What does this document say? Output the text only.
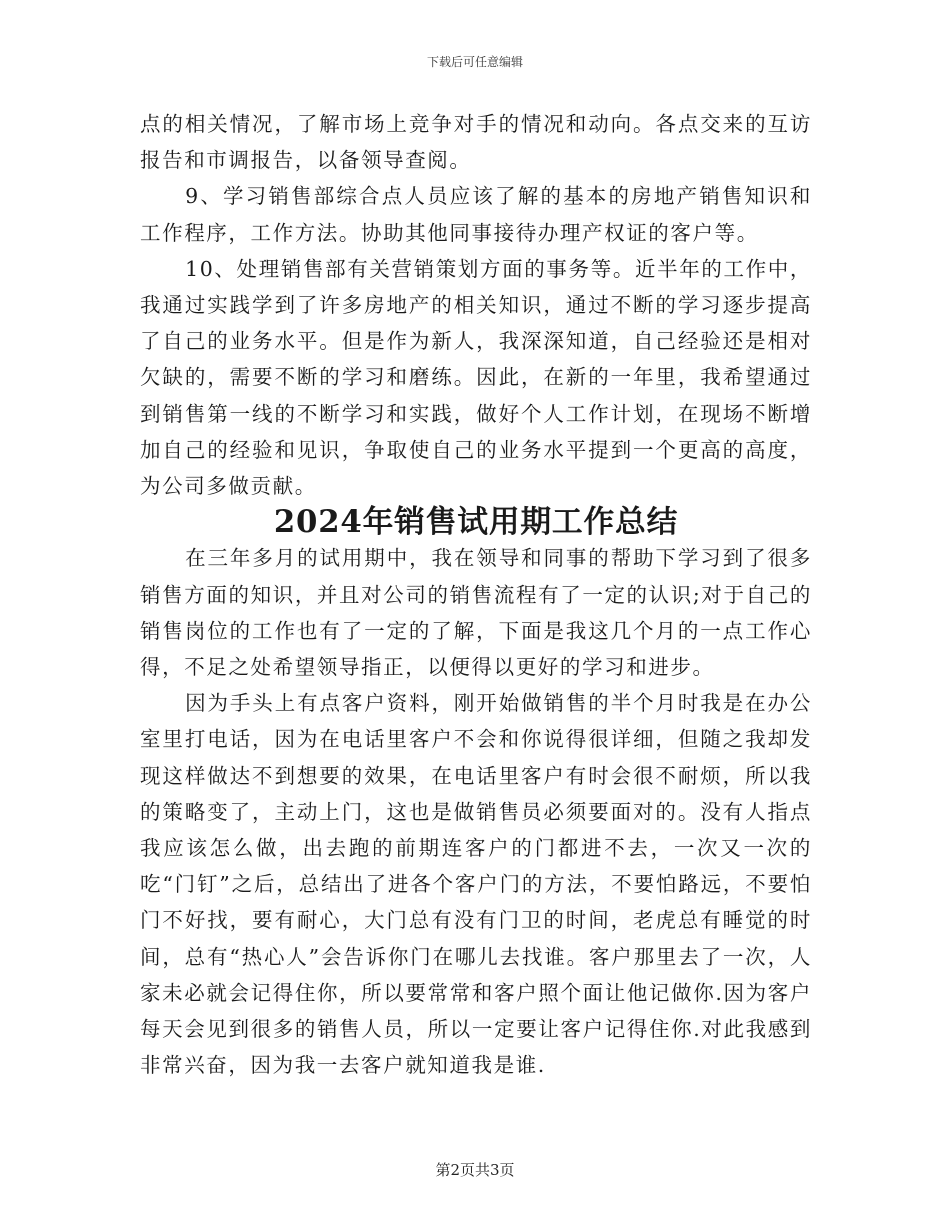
下载后可任意编辑

点的相关情况，了解市场上竞争对手的情况和动向。各点交来的互访报告和市调报告，以备领导查阅。

9、学习销售部综合点人员应该了解的基本的房地产销售知识和工作程序，工作方法。协助其他同事接待办理产权证的客户等。

10、处理销售部有关营销策划方面的事务等。近半年的工作中，我通过实践学到了许多房地产的相关知识，通过不断的学习逐步提高了自己的业务水平。但是作为新人，我深深知道，自己经验还是相对欠缺的，需要不断的学习和磨练。因此，在新的一年里，我希望通过到销售第一线的不断学习和实践，做好个人工作计划，在现场不断增加自己的经验和见识，争取使自己的业务水平提到一个更高的高度，为公司多做贡献。

2024年销售试用期工作总结

在三年多月的试用期中，我在领导和同事的帮助下学习到了很多销售方面的知识，并且对公司的销售流程有了一定的认识;对于自己的销售岗位的工作也有了一定的了解，下面是我这几个月的一点工作心得，不足之处希望领导指正，以便得以更好的学习和进步。

因为手头上有点客户资料，刚开始做销售的半个月时我是在办公室里打电话，因为在电话里客户不会和你说得很详细，但随之我却发现这样做达不到想要的效果，在电话里客户有时会很不耐烦，所以我的策略变了，主动上门，这也是做销售员必须要面对的。没有人指点我应该怎么做，出去跑的前期连客户的门都进不去，一次又一次的吃“门钉”之后，总结出了进各个客户门的方法，不要怕路远，不要怕门不好找，要有耐心，大门总有没有门卫的时间，老虎总有睡觉的时间，总有“热心人”会告诉你门在哪儿去找谁。客户那里去了一次，人家未必就会记得住你，所以要常常和客户照个面让他记做你.因为客户每天会见到很多的销售人员，所以一定要让客户记得住你.对此我感到非常兴奋，因为我一去客户就知道我是谁.

第2页共3页
